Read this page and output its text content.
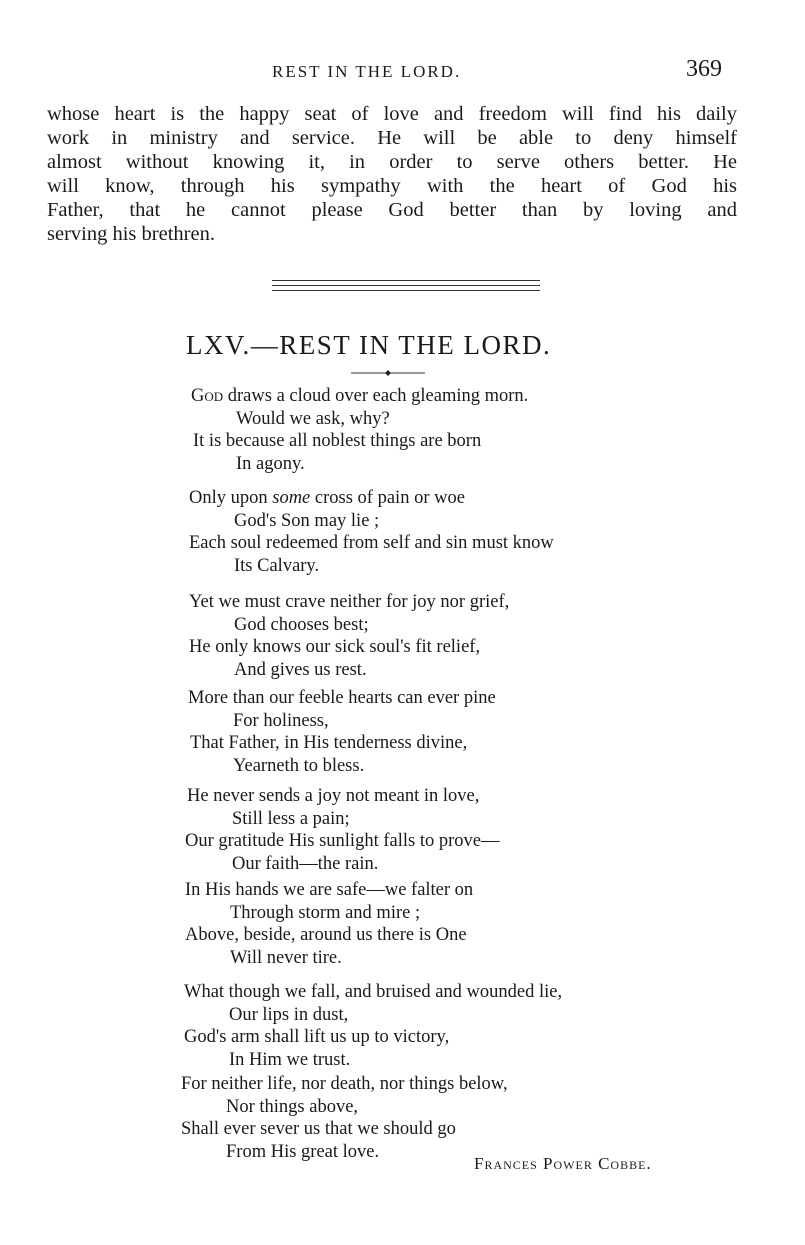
REST IN THE LORD.	369
whose heart is the happy seat of love and freedom will find his daily
work in ministry and service. He will be able to deny himself
almost without knowing it, in order to serve others better. He
will know, through his sympathy with the heart of God his
Father, that he cannot please God better than by loving and
serving his brethren.
LXV.—REST IN THE LORD.
God draws a cloud over each gleaming morn.
Would we ask, why?
It is because all noblest things are born
In agony.
Only upon some cross of pain or woe
God's Son may lie ;
Each soul redeemed from self and sin must know
Its Calvary.
Yet we must crave neither for joy nor grief,
God chooses best;
He only knows our sick soul's fit relief,
And gives us rest.
More than our feeble hearts can ever pine
For holiness,
That Father, in His tenderness divine,
Yearneth to bless.
He never sends a joy not meant in love,
Still less a pain;
Our gratitude His sunlight falls to prove—
Our faith—the rain.
In His hands we are safe—we falter on
Through storm and mire ;
Above, beside, around us there is One
Will never tire.
What though we fall, and bruised and wounded lie,
Our lips in dust,
God's arm shall lift us up to victory,
In Him we trust.
For neither life, nor death, nor things below,
Nor things above,
Shall ever sever us that we should go
From His great love.
Frances Power Cobbe.
